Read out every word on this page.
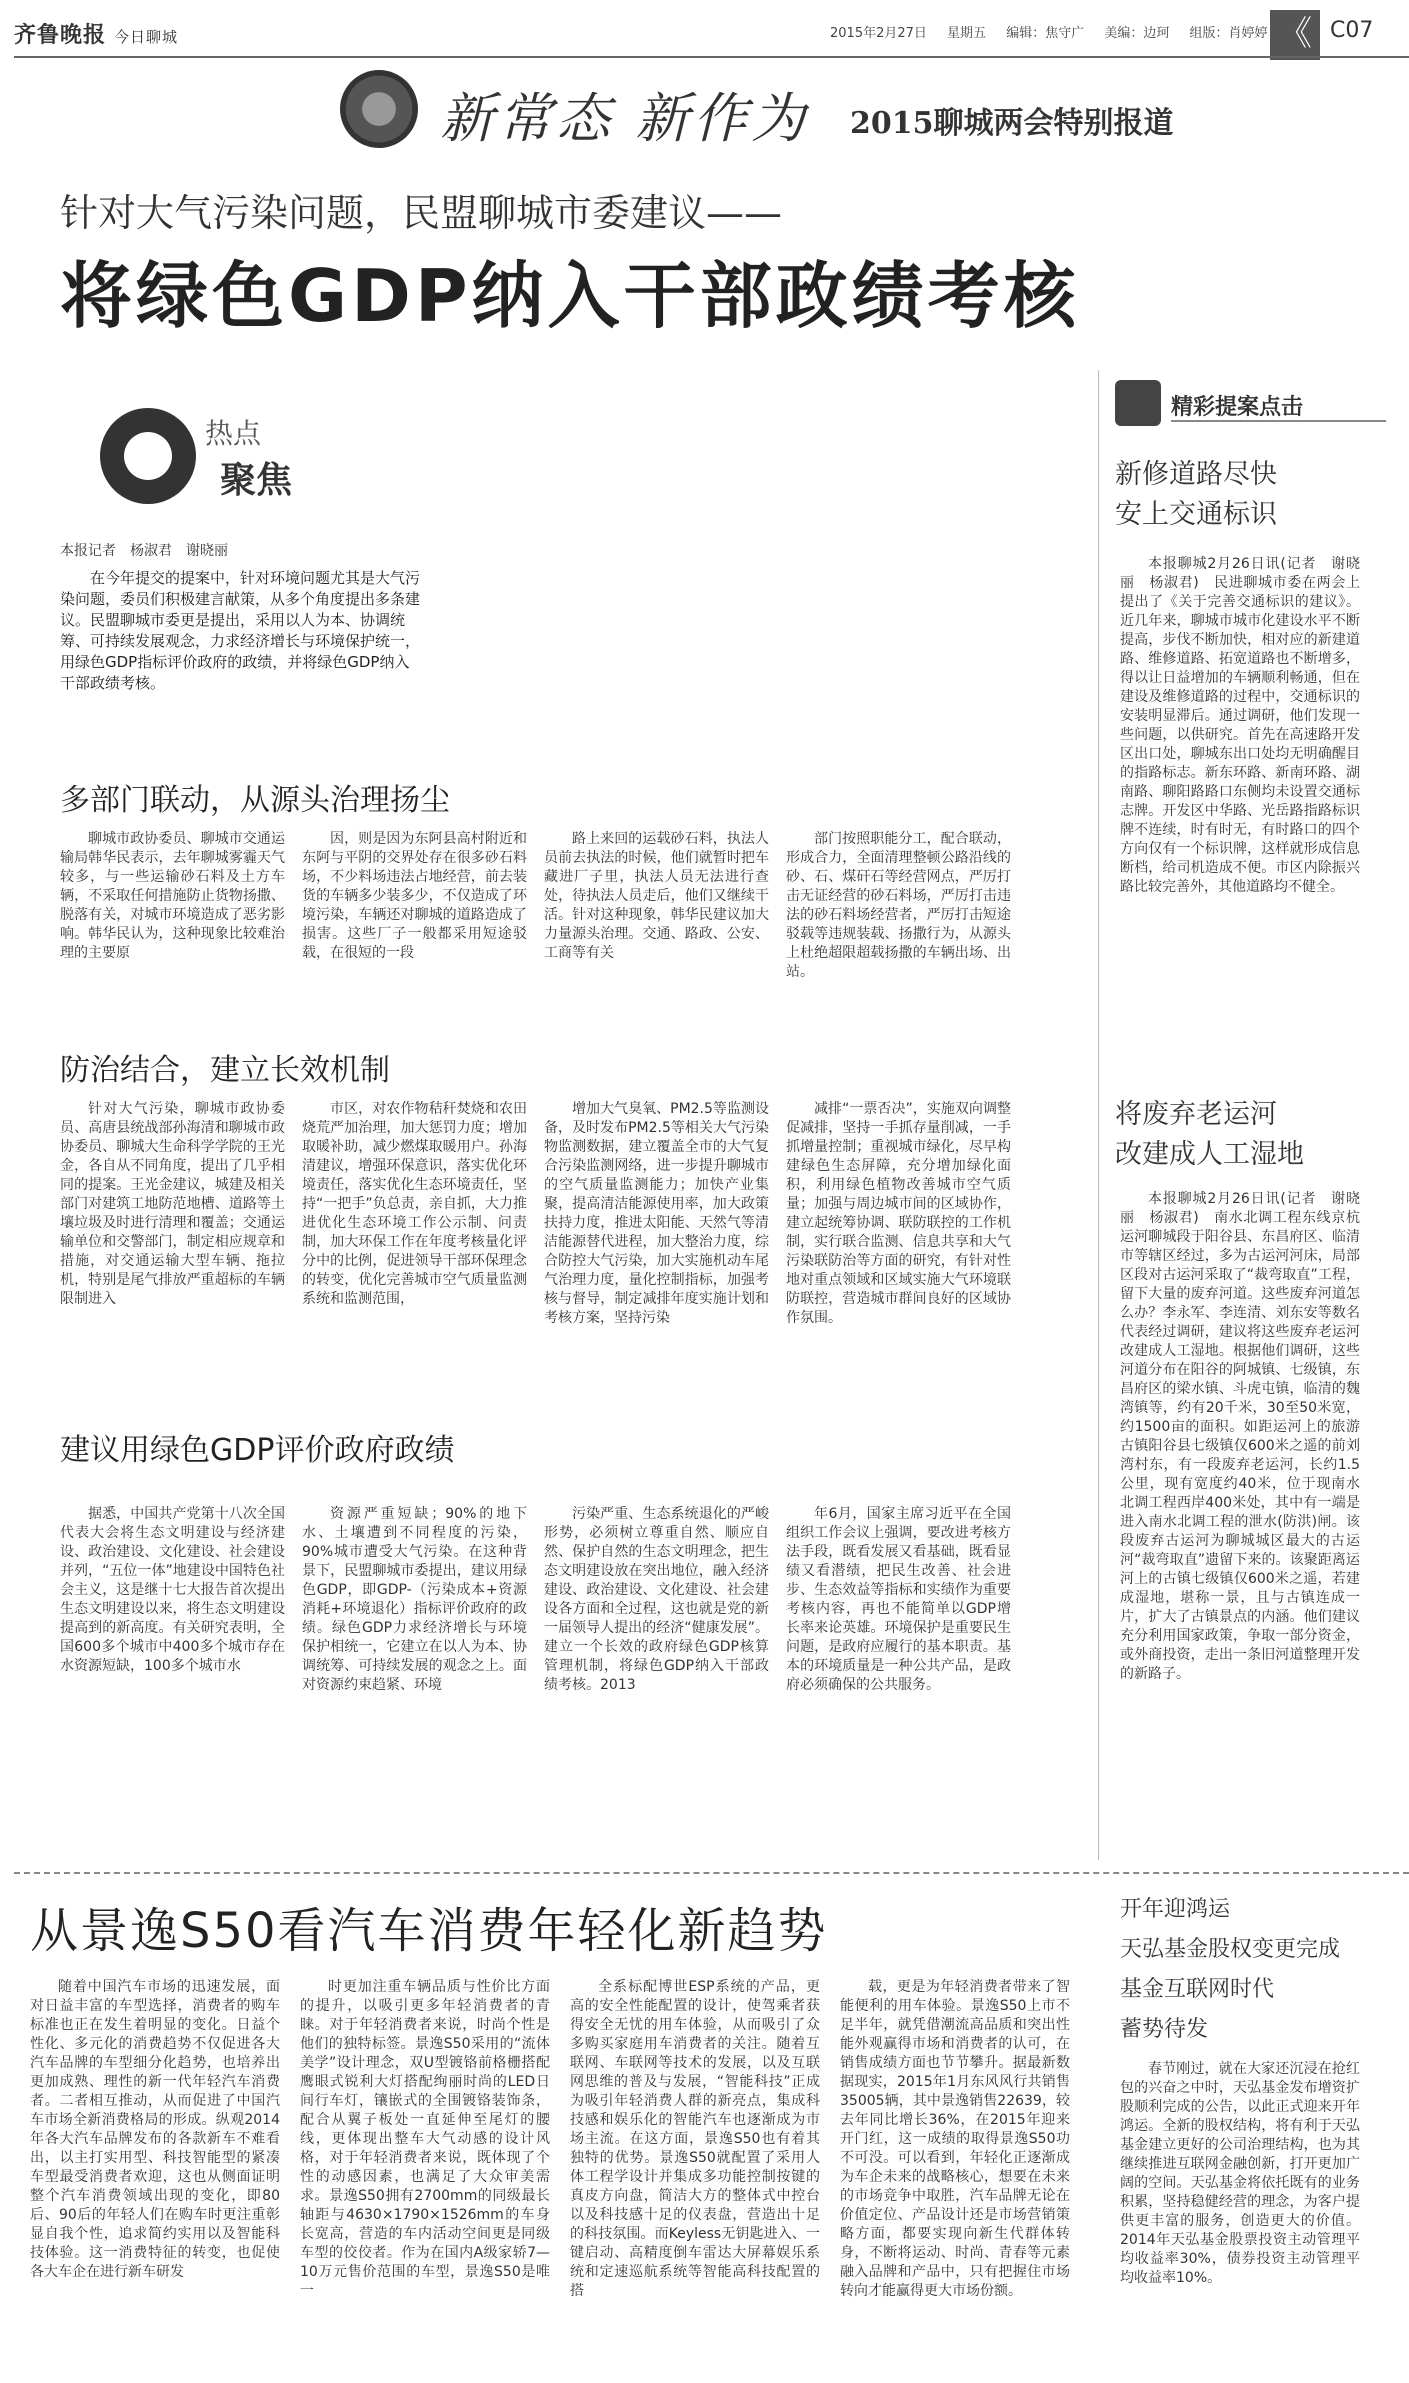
齐鲁晚报 今日聊城	2015年2月27日 星期五 编辑：焦守广 美编：边珂 组版：肖婷婷 《 C07
新常态 新作为 2015聊城两会特别报道
针对大气污染问题，民盟聊城市委建议——
将绿色GDP纳入干部政绩考核
热点
聚焦
本报记者　杨淑君　谢晓丽
在今年提交的提案中，针对环境问题尤其是大气污染问题，委员们积极建言献策，从多个角度提出多条建议。民盟聊城市委更是提出，采用以人为本、协调统筹、可持续发展观念，力求经济增长与环境保护统一，用绿色GDP指标评价政府的政绩，并将绿色GDP纳入干部政绩考核。
多部门联动，从源头治理扬尘
聊城市政协委员、聊城市交通运输局韩华民表示，去年聊城雾霾天气较多，与一些运输砂石料及土方车辆，不采取任何措施防止货物扬撒、脱落有关，对城市环境造成了恶劣影响。韩华民认为，这种现象比较难治理的主要原
因，则是因为东阿县高村附近和东阿与平阴的交界处存在很多砂石料场，不少料场违法占地经营，前去装货的车辆多少装多少，不仅造成了环境污染，车辆还对聊城的道路造成了损害。这些厂子一般都采用短途驳载，在很短的一段
路上来回的运载砂石料，执法人员前去执法的时候，他们就暂时把车藏进厂子里，执法人员无法进行查处，待执法人员走后，他们又继续干活。针对这种现象，韩华民建议加大力量源头治理。交通、路政、公安、工商等有关
部门按照职能分工，配合联动，形成合力，全面清理整顿公路沿线的砂、石、煤矸石等经营网点，严厉打击无证经营的砂石料场，严厉打击违法的砂石料场经营者，严厉打击短途驳载等违规装载、扬撒行为，从源头上杜绝超限超载扬撒的车辆出场、出站。
防治结合，建立长效机制
针对大气污染，聊城市政协委员、高唐县统战部孙海清和聊城市政协委员、聊城大生命科学学院的王光金，各自从不同角度，提出了几乎相同的提案。王光金建议，城建及相关部门对建筑工地防范地槽、道路等土壤垃圾及时进行清理和覆盖；交通运输单位和交警部门，制定相应规章和措施，对交通运输大型车辆、拖拉机，特别是尾气排放严重超标的车辆限制进入
市区，对农作物秸秆焚烧和农田烧荒严加治理，加大惩罚力度；增加取暖补助，减少燃煤取暖用户。孙海清建议，增强环保意识，落实优化环境责任，落实优化生态环境责任，坚持“一把手”负总责，亲自抓，大力推进优化生态环境工作公示制、问责制，加大环保工作在年度考核量化评分中的比例，促进领导干部环保理念的转变，优化完善城市空气质量监测系统和监测范围，
增加大气臭氧、PM2.5等监测设备，及时发布PM2.5等相关大气污染物监测数据，建立覆盖全市的大气复合污染监测网络，进一步提升聊城市的空气质量监测能力；加快产业集聚，提高清洁能源使用率，加大政策扶持力度，推进太阳能、天然气等清洁能源替代进程，加大整治力度，综合防控大气污染，加大实施机动车尾气治理力度，量化控制指标，加强考核与督导，制定减排年度实施计划和考核方案，坚持污染
减排“一票否决”，实施双向调整促减排，坚持一手抓存量削减，一手抓增量控制；重视城市绿化，尽早构建绿色生态屏障，充分增加绿化面积，利用绿色植物改善城市空气质量；加强与周边城市间的区域协作，建立起统筹协调、联防联控的工作机制，实行联合监测、信息共享和大气污染联防治等方面的研究，有针对性地对重点领域和区域实施大气环境联防联控，营造城市群间良好的区域协作氛围。
建议用绿色GDP评价政府政绩
据悉，中国共产党第十八次全国代表大会将生态文明建设与经济建设、政治建设、文化建设、社会建设并列，“五位一体”地建设中国特色社会主义，这是继十七大报告首次提出生态文明建设以来，将生态文明建设提高到的新高度。有关研究表明，全国600多个城市中400多个城市存在水资源短缺，100多个城市水
资源严重短缺；90%的地下水、土壤遭到不同程度的污染，90%城市遭受大气污染。在这种背景下，民盟聊城市委提出，建议用绿色GDP，即GDP-（污染成本+资源消耗+环境退化）指标评价政府的政绩。绿色GDP力求经济增长与环境保护相统一，它建立在以人为本、协调统筹、可持续发展的观念之上。面对资源约束趋紧、环境
污染严重、生态系统退化的严峻形势，必须树立尊重自然、顺应自然、保护自然的生态文明理念，把生态文明建设放在突出地位，融入经济建设、政治建设、文化建设、社会建设各方面和全过程，这也就是党的新一届领导人提出的经济“健康发展”。建立一个长效的政府绿色GDP核算管理机制，将绿色GDP纳入干部政绩考核。2013
年6月，国家主席习近平在全国组织工作会议上强调，要改进考核方法手段，既看发展又看基础，既看显绩又看潜绩，把民生改善、社会进步、生态效益等指标和实绩作为重要考核内容，再也不能简单以GDP增长率来论英雄。环境保护是重要民生问题，是政府应履行的基本职责。基本的环境质量是一种公共产品，是政府必须确保的公共服务。
精彩提案点击
新修道路尽快
安上交通标识
本报聊城2月26日讯(记者　谢晓丽　杨淑君)　民进聊城市委在两会上提出了《关于完善交通标识的建议》。近几年来，聊城市城市化建设水平不断提高，步伐不断加快，相对应的新建道路、维修道路、拓宽道路也不断增多，得以让日益增加的车辆顺利畅通，但在建设及维修道路的过程中，交通标识的安装明显滞后。通过调研，他们发现一些问题，以供研究。首先在高速路开发区出口处，聊城东出口处均无明确醒目的指路标志。新东环路、新南环路、湖南路、聊阳路路口东侧均未设置交通标志牌。开发区中华路、光岳路指路标识牌不连续，时有时无，有时路口的四个方向仅有一个标识牌，这样就形成信息断档，给司机造成不便。市区内除振兴路比较完善外，其他道路均不健全。
将废弃老运河
改建成人工湿地
本报聊城2月26日讯(记者　谢晓丽　杨淑君)　南水北调工程东线京杭运河聊城段于阳谷县、东昌府区、临清市等辖区经过，多为古运河河床，局部区段对古运河采取了“裁弯取直”工程，留下大量的废弃河道。这些废弃河道怎么办？李永军、李连清、刘东安等数名代表经过调研，建议将这些废弃老运河改建成人工湿地。根据他们调研，这些河道分布在阳谷的阿城镇、七级镇，东昌府区的梁水镇、斗虎屯镇，临清的魏湾镇等，约有20千米，30至50米宽，约1500亩的面积。如距运河上的旅游古镇阳谷县七级镇仅600米之遥的前刘湾村东，有一段废弃老运河，长约1.5公里，现有宽度约40米，位于现南水北调工程西岸400米处，其中有一端是进入南水北调工程的泄水(防洪)闸。该段废弃古运河为聊城城区最大的古运河“裁弯取直”遗留下来的。该聚距离运河上的古镇七级镇仅600米之遥，若建成湿地，堪称一景，且与古镇连成一片，扩大了古镇景点的内涵。他们建议充分利用国家政策，争取一部分资金，或外商投资，走出一条旧河道整理开发的新路子。
从景逸S50看汽车消费年轻化新趋势
随着中国汽车市场的迅速发展，面对日益丰富的车型选择，消费者的购车标准也正在发生着明显的变化。日益个性化、多元化的消费趋势不仅促进各大汽车品牌的车型细分化趋势，也培养出更加成熟、理性的新一代年轻汽车消费者。二者相互推动，从而促进了中国汽车市场全新消费格局的形成。纵观2014年各大汽车品牌发布的各款新车不难看出，以主打实用型、科技智能型的紧凑车型最受消费者欢迎，这也从侧面证明整个汽车消费领域出现的变化，即80后、90后的年轻人们在购车时更注重彰显自我个性，追求简约实用以及智能科技体验。这一消费特征的转变，也促使各大车企在进行新车研发
时更加注重车辆品质与性价比方面的提升，以吸引更多年轻消费者的青睐。对于年轻消费者来说，时尚个性是他们的独特标签。景逸S50采用的“流体美学”设计理念，双U型镀铬前格栅搭配鹰眼式锐利大灯搭配绚丽时尚的LED日间行车灯，镶嵌式的全围镀铬装饰条，配合从翼子板处一直延伸至尾灯的腰线，更体现出整车大气动感的设计风格，对于年轻消费者来说，既体现了个性的动感因素，也满足了大众审美需求。景逸S50拥有2700mm的同级最长轴距与4630×1790×1526mm的车身长宽高，营造的车内活动空间更是同级车型的佼佼者。作为在国内A级家轿7—10万元售价范围的车型，景逸S50是唯一
全系标配博世ESP系统的产品，更高的安全性能配置的设计，使驾乘者获得安全无忧的用车体验，从而吸引了众多购买家庭用车消费者的关注。随着互联网、车联网等技术的发展，以及互联网思维的普及与发展，“智能科技”正成为吸引年轻消费人群的新亮点，集成科技感和娱乐化的智能汽车也逐渐成为市场主流。在这方面，景逸S50也有着其独特的优势。景逸S50就配置了采用人体工程学设计并集成多功能控制按键的真皮方向盘，简洁大方的整体式中控台以及科技感十足的仪表盘，营造出十足的科技氛围。而Keyless无钥匙进入、一键启动、高精度倒车雷达大屏幕娱乐系统和定速巡航系统等智能高科技配置的搭
载，更是为年轻消费者带来了智能便利的用车体验。景逸S50上市不足半年，就凭借潮流高品质和突出性能外观赢得市场和消费者的认可，在销售成绩方面也节节攀升。据最新数据现实，2015年1月东风风行共销售35005辆，其中景逸销售22639，较去年同比增长36%，在2015年迎来开门红，这一成绩的取得景逸S50功不可没。可以看到，年轻化正逐渐成为车企未来的战略核心，想要在未来的市场竞争中取胜，汽车品牌无论在价值定位、产品设计还是市场营销策略方面，都要实现向新生代群体转身，不断将运动、时尚、青春等元素融入品牌和产品中，只有把握住市场转向才能赢得更大市场份额。
开年迎鸿运
天弘基金股权变更完成
基金互联网时代
蓄势待发
春节刚过，就在大家还沉浸在抢红包的兴奋之中时，天弘基金发布增资扩股顺利完成的公告，以此正式迎来开年鸿运。全新的股权结构，将有利于天弘基金建立更好的公司治理结构，也为其继续推进互联网金融创新，打开更加广阔的空间。天弘基金将依托既有的业务积累，坚持稳健经营的理念，为客户提供更丰富的服务，创造更大的价值。2014年天弘基金股票投资主动管理平均收益率30%，债券投资主动管理平均收益率10%。
